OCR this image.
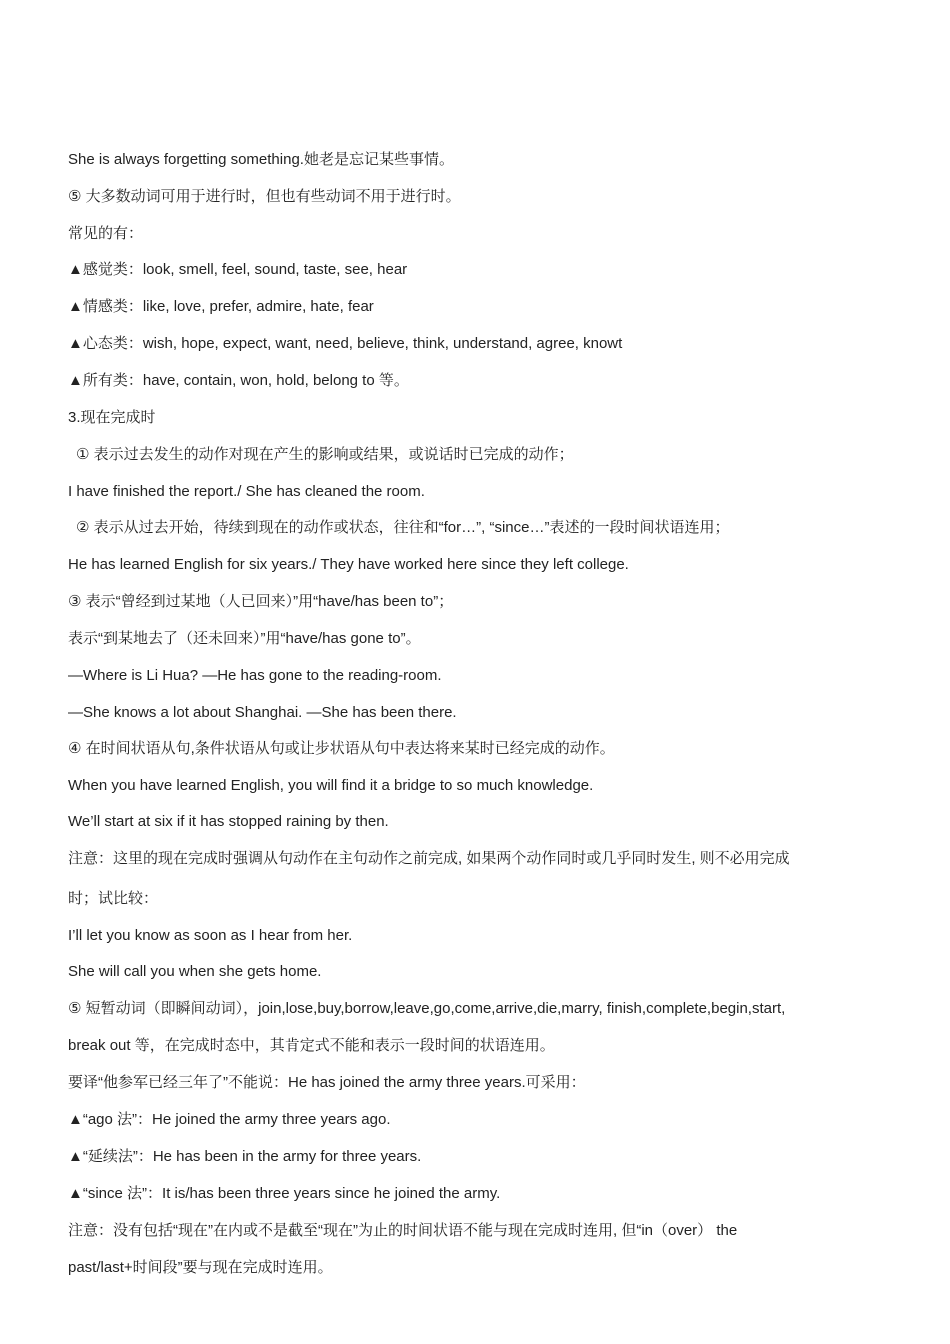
She is always forgetting something.她老是忘记某些事情。
⑤ 大多数动词可用于进行时，但也有些动词不用于进行时。
常见的有：
▲感觉类：look, smell, feel, sound, taste, see, hear
▲情感类：like, love, prefer, admire, hate, fear
▲心态类：wish, hope, expect, want, need, believe, think, understand, agree, knowt
▲所有类：have, contain, won, hold, belong to 等。
3.现在完成时
① 表示过去发生的动作对现在产生的影响或结果，或说话时已完成的动作；
I have finished the report./ She has cleaned the room.
② 表示从过去开始，待续到现在的动作或状态，往往和“for…”, “since…”表述的一段时间状语连用；
He has learned English for six years./ They have worked here since they left college.
③ 表示“曾经到过某地（人已回来）”用“have/has been to”；
表示“到某地去了（还未回来）”用“have/has gone to”。
—Where is Li Hua? —He has gone to the reading-room.
—She knows a lot about Shanghai. —She has been there.
④ 在时间状语从句,条件状语从句或让步状语从句中表达将来某时已经完成的动作。
When you have learned English, you will find it a bridge to so much knowledge.
We’ll start at six if it has stopped raining by then.
注意：这里的现在完成时强调从句动作在主句动作之前完成, 如果两个动作同时或几乎同时发生, 则不必用完成
时；试比较：
I’ll let you know as soon as I hear from her.
She will call you when she gets home.
⑤ 短暂动词（即瞬间动词），join,lose,buy,borrow,leave,go,come,arrive,die,marry, finish,complete,begin,start,
break out 等，在完成时态中，其肯定式不能和表示一段时间的状语连用。
要译“他参军已经三年了”不能说：He has joined the army three years.可采用：
▲“ago 法”：He joined the army three years ago.
▲“延续法”：He has been in the army for three years.
▲“since 法”：It is/has been three years since he joined the army.
注意：没有包括“现在”在内或不是截至“现在”为止的时间状语不能与现在完成时连用, 但“in（over） the
past/last+时间段”要与现在完成时连用。
